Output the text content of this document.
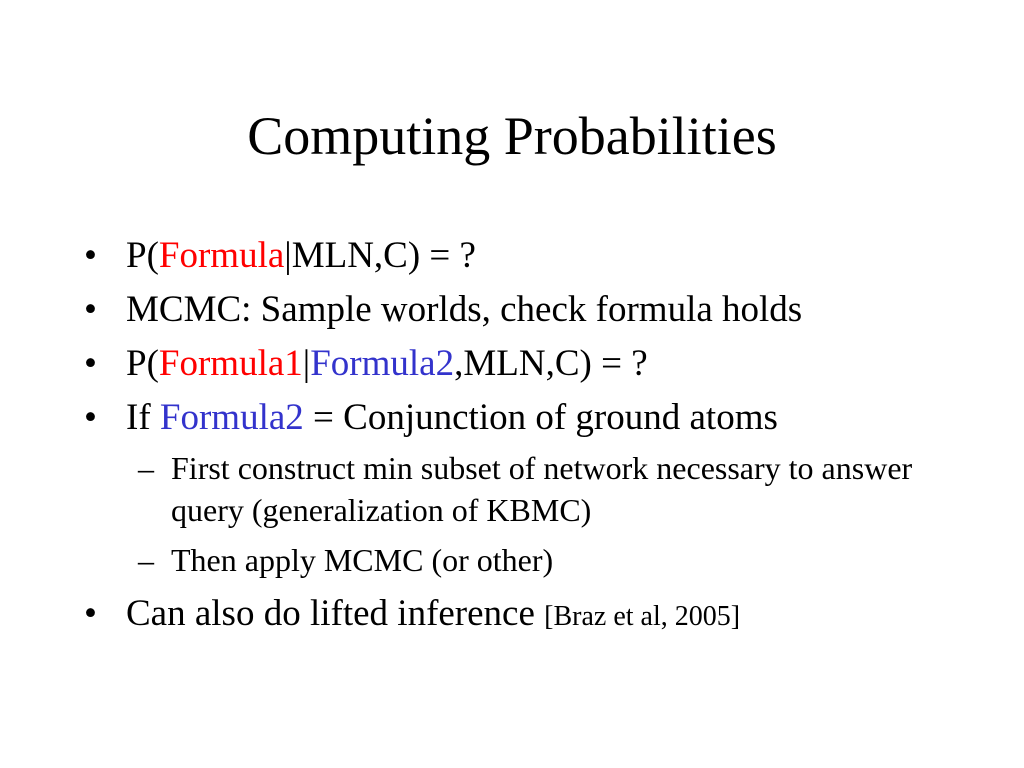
Computing Probabilities
• P(Formula|MLN,C) = ?
• MCMC: Sample worlds, check formula holds
• P(Formula1|Formula2,MLN,C) = ?
• If Formula2 = Conjunction of ground atoms
– First construct min subset of network necessary to answer query (generalization of KBMC)
– Then apply MCMC (or other)
• Can also do lifted inference [Braz et al, 2005]
